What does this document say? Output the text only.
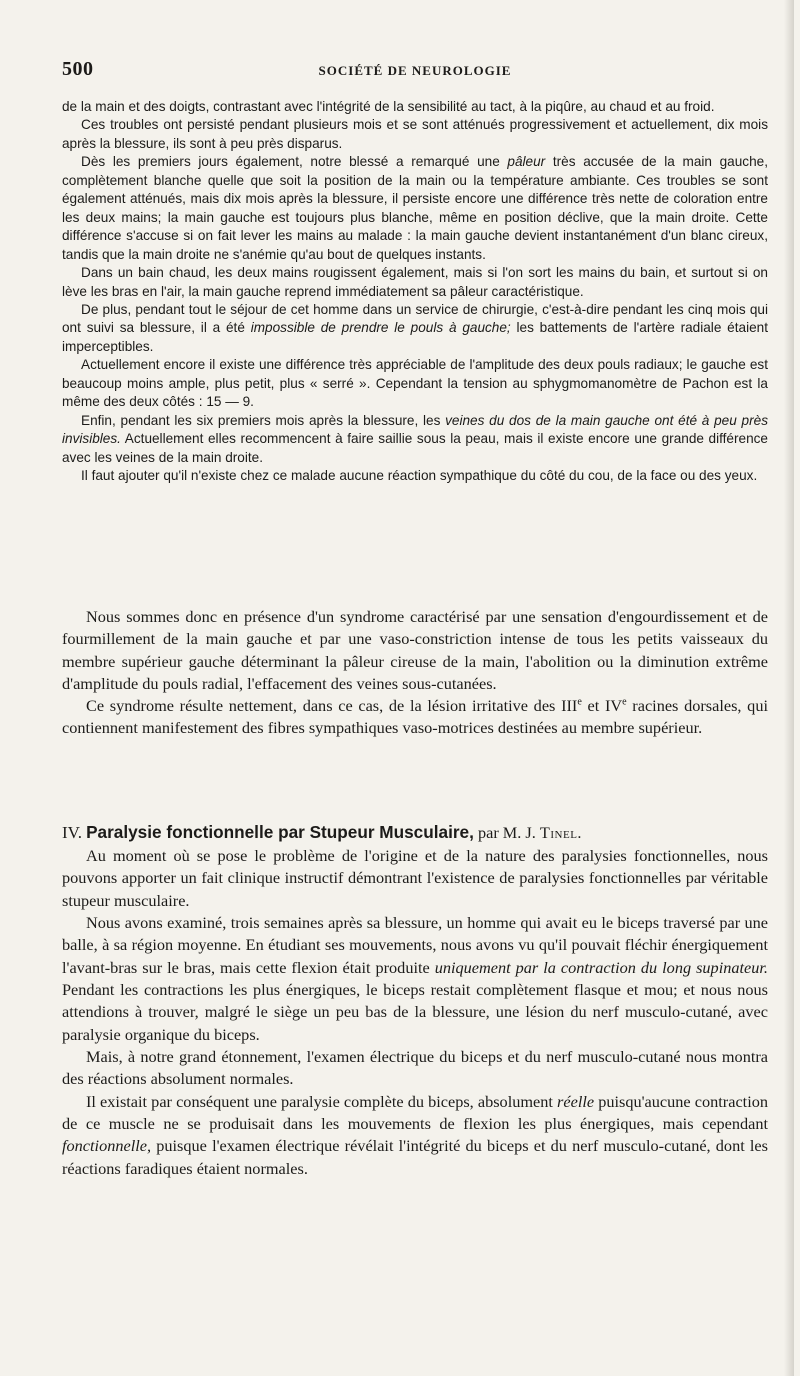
500	SOCIÉTÉ DE NEUROLOGIE

de la main et des doigts, contrastant avec l'intégrité de la sensibilité au tact, à la piqûre, au chaud et au froid.

Ces troubles ont persisté pendant plusieurs mois et se sont atténués progressivement et actuellement, dix mois après la blessure, ils sont à peu près disparus.

Dès les premiers jours également, notre blessé a remarqué une pâleur très accusée de la main gauche, complètement blanche quelle que soit la position de la main ou la température ambiante. Ces troubles se sont également atténués, mais dix mois après la blessure, il persiste encore une différence très nette de coloration entre les deux mains; la main gauche est toujours plus blanche, même en position déclive, que la main droite. Cette différence s'accuse si on fait lever les mains au malade : la main gauche devient instantanément d'un blanc cireux, tandis que la main droite ne s'anémie qu'au bout de quelques instants.

Dans un bain chaud, les deux mains rougissent également, mais si l'on sort les mains du bain, et surtout si on lève les bras en l'air, la main gauche reprend immédiatement sa pâleur caractéristique.

De plus, pendant tout le séjour de cet homme dans un service de chirurgie, c'est-à-dire pendant les cinq mois qui ont suivi sa blessure, il a été impossible de prendre le pouls à gauche; les battements de l'artère radiale étaient imperceptibles.

Actuellement encore il existe une différence très appréciable de l'amplitude des deux pouls radiaux; le gauche est beaucoup moins ample, plus petit, plus « serré ». Cependant la tension au sphygmomanomètre de Pachon est la même des deux côtés : 15 — 9.

Enfin, pendant les six premiers mois après la blessure, les veines du dos de la main gauche ont été à peu près invisibles. Actuellement elles recommencent à faire saillie sous la peau, mais il existe encore une grande différence avec les veines de la main droite.

Il faut ajouter qu'il n'existe chez ce malade aucune réaction sympathique du côté du cou, de la face ou des yeux.

Nous sommes donc en présence d'un syndrome caractérisé par une sensation d'engourdissement et de fourmillement de la main gauche et par une vaso-constriction intense de tous les petits vaisseaux du membre supérieur gauche déterminant la pâleur cireuse de la main, l'abolition ou la diminution extrême d'amplitude du pouls radial, l'effacement des veines sous-cutanées.

Ce syndrome résulte nettement, dans ce cas, de la lésion irritative des IIIe et IVe racines dorsales, qui contiennent manifestement des fibres sympathiques vaso-motrices destinées au membre supérieur.

IV. Paralysie fonctionnelle par Stupeur Musculaire, par M. J. Tinel.

Au moment où se pose le problème de l'origine et de la nature des paralysies fonctionnelles, nous pouvons apporter un fait clinique instructif démontrant l'existence de paralysies fonctionnelles par véritable stupeur musculaire.

Nous avons examiné, trois semaines après sa blessure, un homme qui avait eu le biceps traversé par une balle, à sa région moyenne. En étudiant ses mouvements, nous avons vu qu'il pouvait fléchir énergiquement l'avant-bras sur le bras, mais cette flexion était produite uniquement par la contraction du long supinateur. Pendant les contractions les plus énergiques, le biceps restait complètement flasque et mou; et nous nous attendions à trouver, malgré le siège un peu bas de la blessure, une lésion du nerf musculo-cutané, avec paralysie organique du biceps.

Mais, à notre grand étonnement, l'examen électrique du biceps et du nerf musculo-cutané nous montra des réactions absolument normales.

Il existait par conséquent une paralysie complète du biceps, absolument réelle puisqu'aucune contraction de ce muscle ne se produisait dans les mouvements de flexion les plus énergiques, mais cependant fonctionnelle, puisque l'examen électrique révélait l'intégrité du biceps et du nerf musculo-cutané, dont les réactions faradiques étaient normales.
